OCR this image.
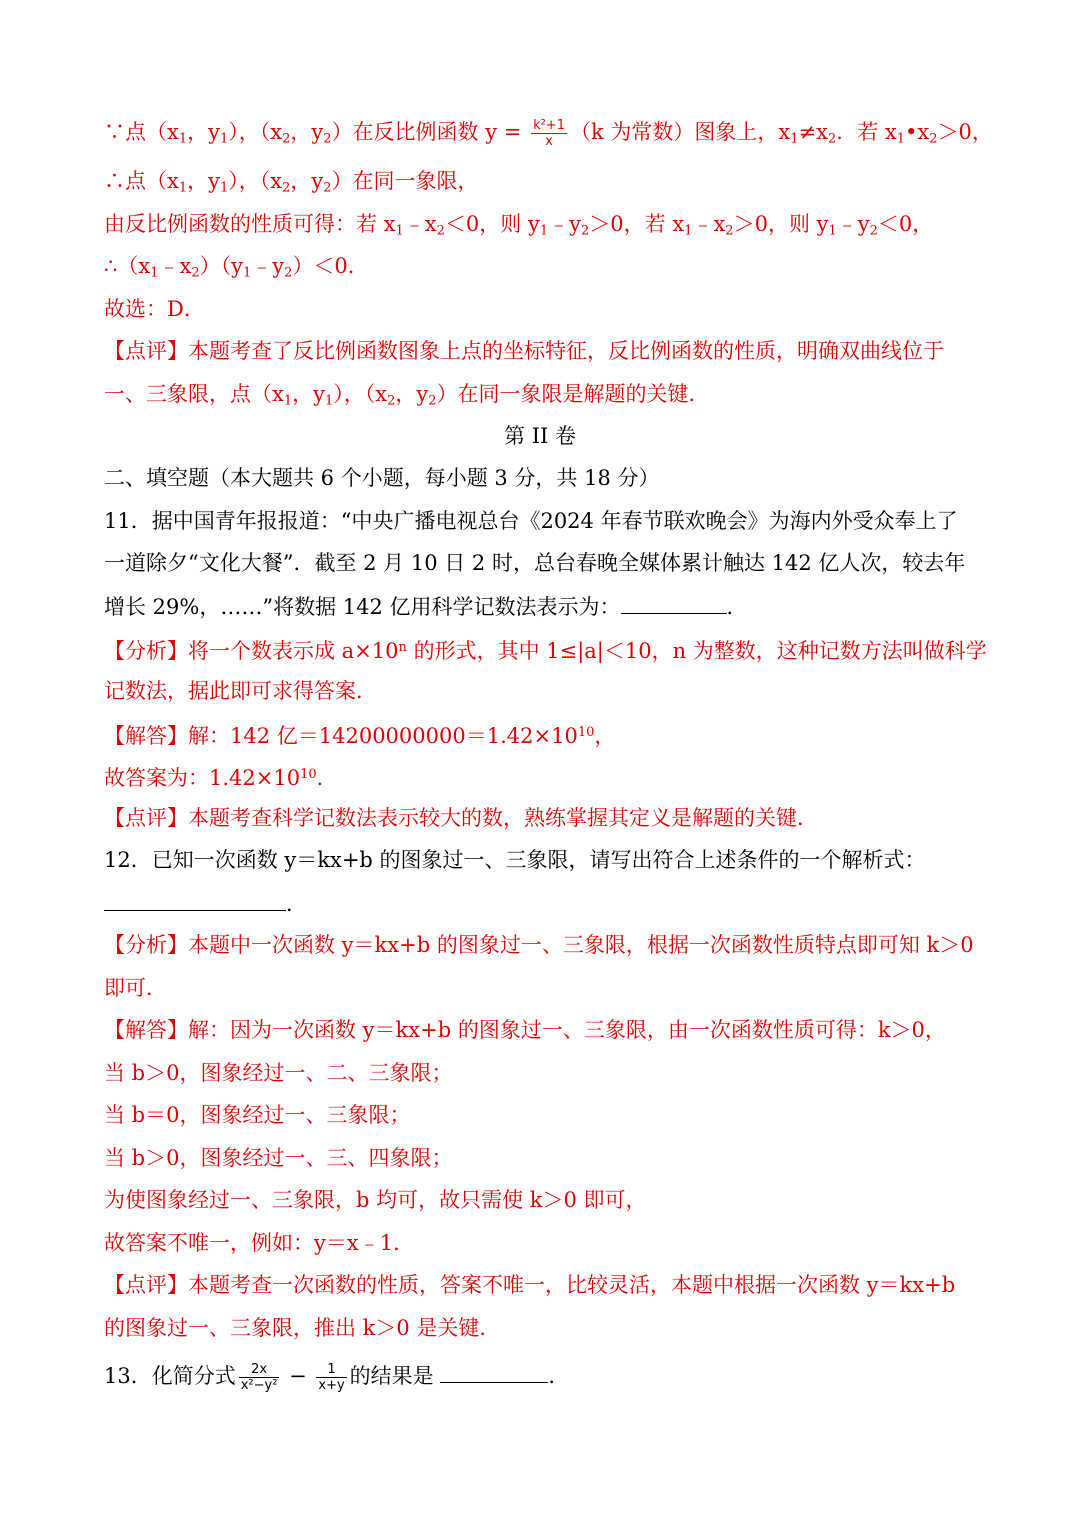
∵点（$x_1$，$y_1$），（$x_2$，$y_2$）在反比例函数 $y = \frac{\text{k²+1}}{x} (k$ 为常数）图象上，$x_1\ne x_2$．若 $x_1•x_2>0$，
∴点（$x_1$，$y_1$），（$x_2$，$y_2$）在同一象限，
由反比例函数的性质可得：若 $x_1﹣x_2<0$，则 $y_1﹣y_2>0$，若 $x_1﹣x_2>0$，则 $y_1﹣y_2<0$，
$\therefore(x_1﹣x_2)(y_1﹣y_2)<0$．
故选：D．
【点评】本题考查了反比例函数图象上点的坐标特征，反比例函数的性质，明确双曲线位于
一、三象限，点（$x_1$，$y_1$），（$x_2$，$y_2$）在同一象限是解题的关键．
第 II 卷
二、填空题（本大题共 6 个小题，每小题 3 分，共 18 分）
11．据中国青年报报道：“中央广播电视总台《2024 年春节联欢晚会》为海内外受众奉上了
一道除夕“文化大餐”．截至 2 月 10 日 2 时，总台春晚全媒体累计触达 142 亿人次，较去年
增长 29%，……”将数据 142 亿用科学记数法表示为：	．
【分析】将一个数表示成 $a\times 10^n$ 的形式，其中 1≤|a|＜10，n 为整数，这种记数方法叫做科学
记数法，据此即可求得答案．
【解答】解：142 亿$=14200000000=1.42\times 10^{10}$，
故答案为：$1.42\times 10^{10}$．
【点评】本题考查科学记数法表示较大的数，熟练掌握其定义是解题的关键．
12．已知一次函数 y＝kx+b 的图象过一、三象限，请写出符合上述条件的一个解析式：
．
【分析】本题中一次函数 y＝kx+b 的图象过一、三象限，根据一次函数性质特点即可知 k＞0
即可．
【解答】解：因为一次函数 y＝kx+b 的图象过一、三象限，由一次函数性质可得：k＞0，
当 b＞0，图象经过一、二、三象限；
当 b＝0，图象经过一、三象限；
当 b＞0，图象经过一、三、四象限；
为使图象经过一、三象限，b 均可，故只需使 k＞0 即可，
故答案不唯一，例如：y＝x﹣1．
【点评】本题考查一次函数的性质，答案不唯一，比较灵活，本题中根据一次函数 y＝kx+b
的图象过一、三象限，推出 k＞0 是关键．
13．化简分式 $\frac{2x}{\text{x²−y²}} - \frac{1}{x+y}$ 的结果是	．
